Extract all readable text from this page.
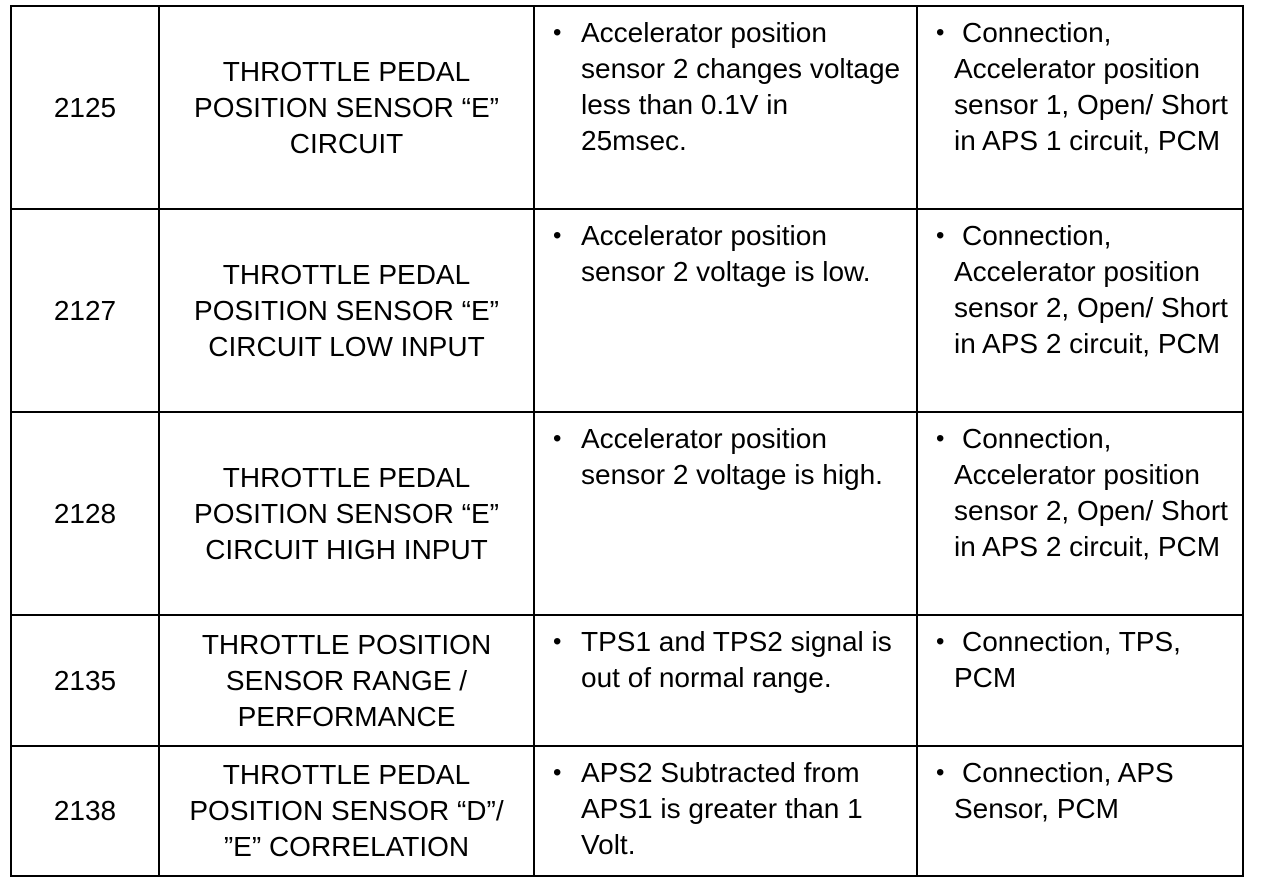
2125	THROTTLE PEDAL POSITION SENSOR “E” CIRCUIT	• Accelerator position sensor 2 changes voltage less than 0.1V in 25msec.	• Connection, Accelerator position sensor 1, Open/ Short in APS 1 circuit, PCM

2127	THROTTLE PEDAL POSITION SENSOR “E” CIRCUIT LOW INPUT	• Accelerator position sensor 2 voltage is low.	• Connection, Accelerator position sensor 2, Open/ Short in APS 2 circuit, PCM

2128	THROTTLE PEDAL POSITION SENSOR “E” CIRCUIT HIGH INPUT	• Accelerator position sensor 2 voltage is high.	• Connection, Accelerator position sensor 2, Open/ Short in APS 2 circuit, PCM

2135	THROTTLE POSITION SENSOR RANGE / PERFORMANCE	• TPS1 and TPS2 signal is out of normal range.	• Connection, TPS, PCM

2138	THROTTLE PEDAL POSITION SENSOR “D”/ ”E” CORRELATION	• APS2 Subtracted from APS1 is greater than 1 Volt.	• Connection, APS Sensor, PCM
